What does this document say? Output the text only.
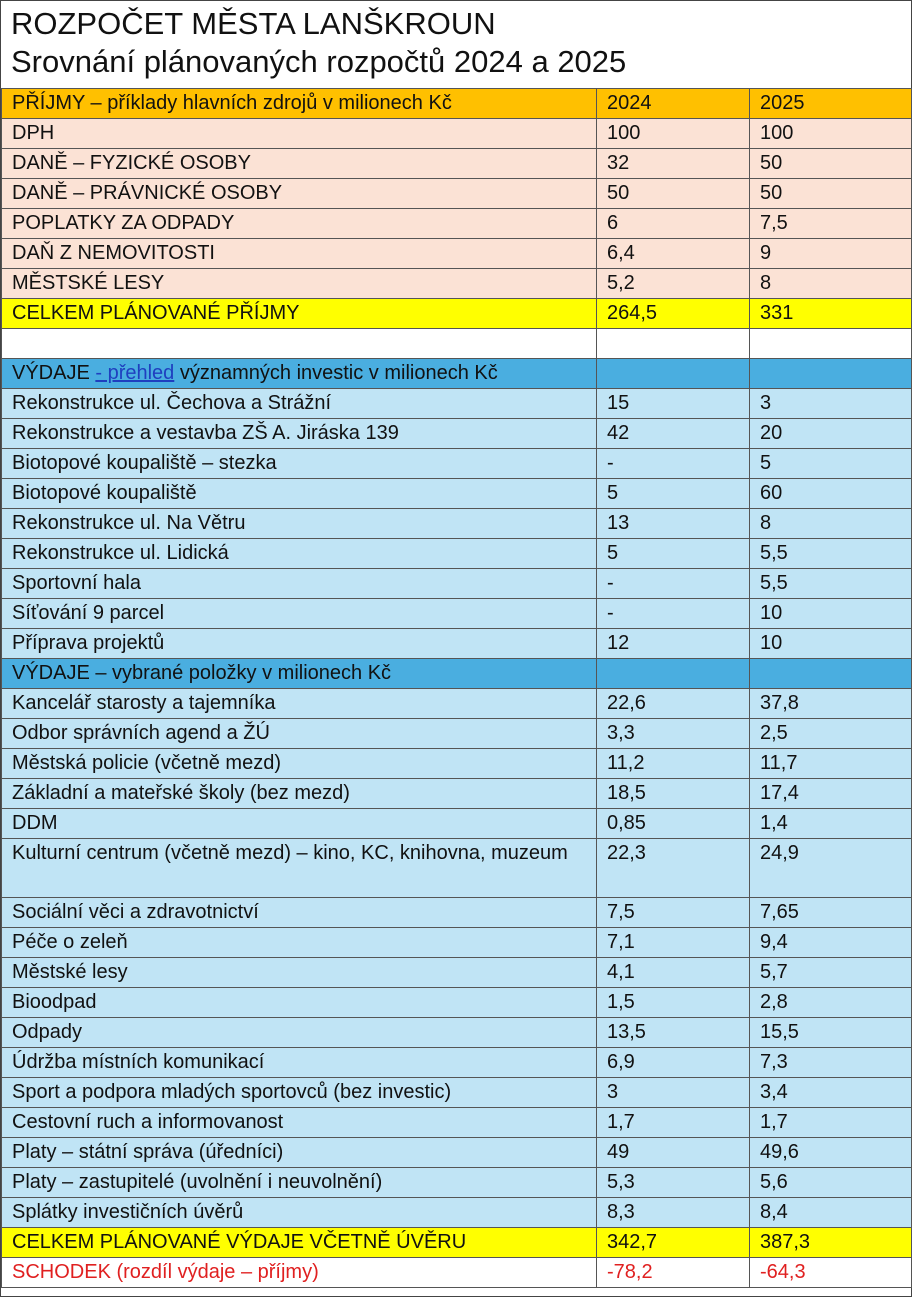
ROZPOČET MĚSTA LANŠKROUN
Srovnání plánovaných rozpočtů 2024 a 2025
PŘÍJMY – příklady hlavních zdrojů v milionech Kč	2024	2025
DPH	100	100
DANĚ – FYZICKÉ OSOBY	32	50
DANĚ – PRÁVNICKÉ OSOBY	50	50
POPLATKY ZA ODPADY	6	7,5
DAŇ Z NEMOVITOSTI	6,4	9
MĚSTSKÉ LESY	5,2	8
CELKEM PLÁNOVANÉ PŘÍJMY	264,5	331

VÝDAJE - přehled významných investic v milionech Kč		
Rekonstrukce ul. Čechova a Strážní	15	3
Rekonstrukce a vestavba ZŠ A. Jiráska 139	42	20
Biotopové koupaliště – stezka	-	5
Biotopové koupaliště	5	60
Rekonstrukce ul. Na Větru	13	8
Rekonstrukce ul. Lidická	5	5,5
Sportovní hala	-	5,5
Síťování 9 parcel	-	10
Příprava projektů	12	10
VÝDAJE – vybrané položky v milionech Kč		
Kancelář starosty a tajemníka	22,6	37,8
Odbor správních agend a ŽÚ	3,3	2,5
Městská policie (včetně mezd)	11,2	11,7
Základní a mateřské školy (bez mezd)	18,5	17,4
DDM	0,85	1,4
Kulturní centrum (včetně mezd) – kino, KC, knihovna, muzeum	22,3	24,9
Sociální věci a zdravotnictví	7,5	7,65
Péče o zeleň	7,1	9,4
Městské lesy	4,1	5,7
Bioodpad	1,5	2,8
Odpady	13,5	15,5
Údržba místních komunikací	6,9	7,3
Sport a podpora mladých sportovců (bez investic)	3	3,4
Cestovní ruch a informovanost	1,7	1,7
Platy – státní správa (úředníci)	49	49,6
Platy – zastupitelé (uvolnění i neuvolnění)	5,3	5,6
Splátky investičních úvěrů	8,3	8,4
CELKEM PLÁNOVANÉ VÝDAJE VČETNĚ ÚVĚRU	342,7	387,3
SCHODEK (rozdíl výdaje – příjmy)	-78,2	-64,3
